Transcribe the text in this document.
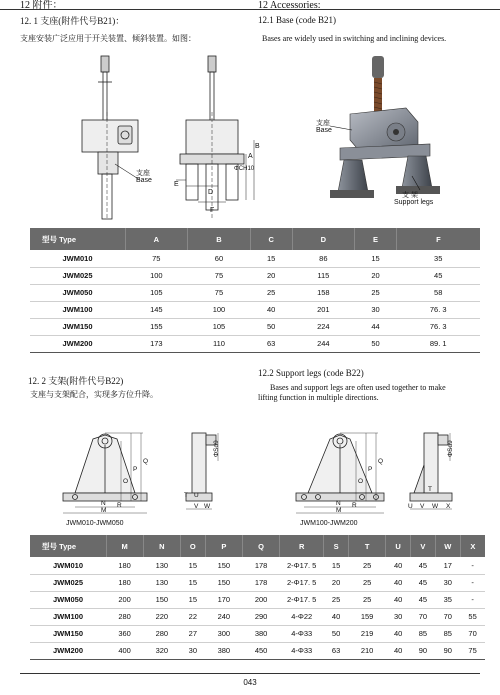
12 附件：	12 Accessories:
12. 1 支座(附件代号B21)：	12.1 Base (code B21)
支座安装广泛应用于开关装置、倾斜装置。如图：	Bases are widely used in switching and inclining devices.
支座
Base
A
B
ΦCH10
D
E
F
支座
Base
支 架
Support legs
型号 Type	A	B	C	D	E	F
JWM010	75	60	15	86	15	35
JWM025	100	75	20	115	20	45
JWM050	105	75	25	158	25	58
JWM100	145	100	40	201	30	76. 3
JWM150	155	105	50	224	44	76. 3
JWM200	173	110	63	244	50	89. 1
12. 2 支架(附件代号B22)
支座与支架配合，实现多方位升降。
12.2 Support legs (code B22)
Bases and support legs are often used together to make
lifting function in multiple directions.
O
P
Q
N
M
R
ΦSd9
T U
V W
JWM010-JWM050
O
P
Q
N
M
R
ΦSd9
T
U V W X
JWM100-JWM200
型号 Type	M	N	O	P	Q	R	S	T	U	V	W	X
JWM010	180	130	15	150	178	2-Φ17. 5	15	25	40	45	17	-
JWM025	180	130	15	150	178	2-Φ17. 5	20	25	40	45	30	-
JWM050	200	150	15	170	200	2-Φ17. 5	25	25	40	45	35	-
JWM100	280	220	22	240	290	4-Φ22	40	159	30	70	70	55
JWM150	360	280	27	300	380	4-Φ33	50	219	40	85	85	70
JWM200	400	320	30	380	450	4-Φ33	63	210	40	90	90	75
043
